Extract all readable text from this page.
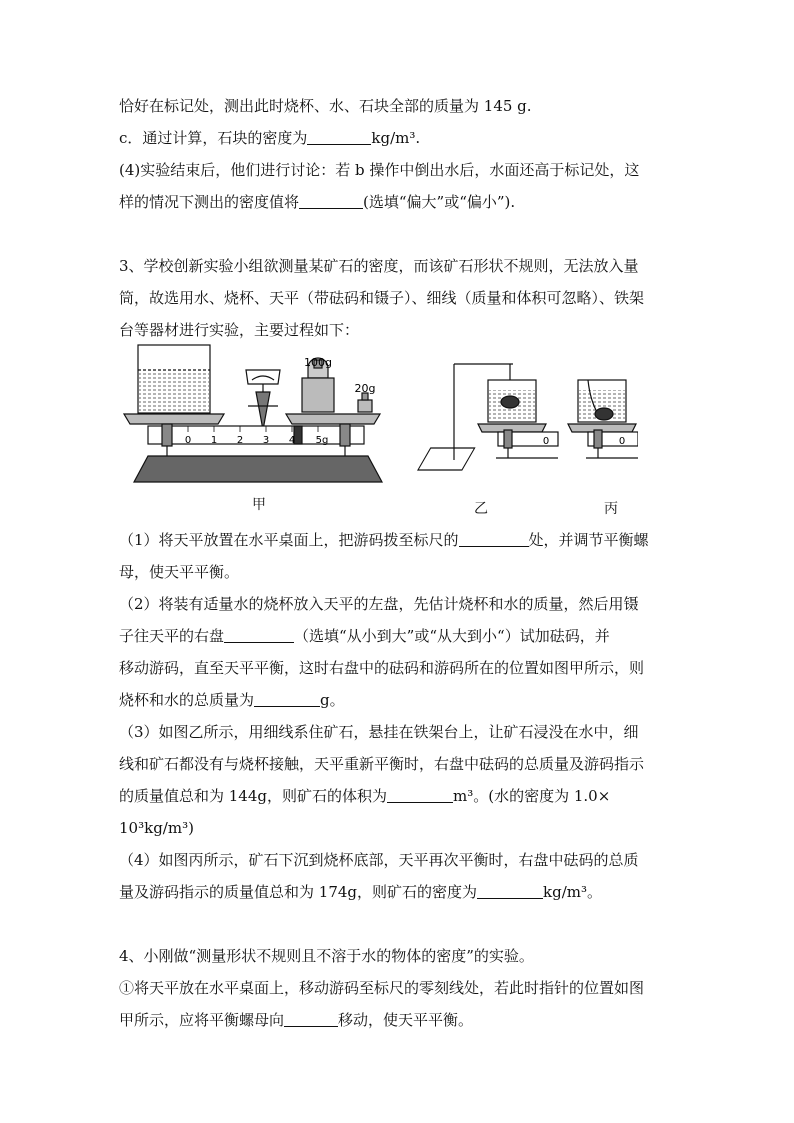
恰好在标记处，测出此时烧杯、水、石块全部的质量为 145 g.
c．通过计算，石块的密度为	kg/m³.
(4)实验结束后，他们进行讨论：若 b 操作中倒出水后，水面还高于标记处，这
样的情况下测出的密度值将	(选填“偏大”或“偏小”).
3、学校创新实验小组欲测量某矿石的密度，而该矿石形状不规则，无法放入量
筒，故选用水、烧杯、天平（带砝码和镊子）、细线（质量和体积可忽略）、铁架
台等器材进行实验，主要过程如下：
0 1 2 3 4 5g
100g
20g
0	0
甲	乙	丙
（1）将天平放置在水平桌面上，把游码拨至标尺的	处，并调节平衡螺
母，使天平平衡。
（2）将装有适量水的烧杯放入天平的左盘，先估计烧杯和水的质量，然后用镊
子往天平的右盘	（选填“从小到大”或“从大到小“）试加砝码，并
移动游码，直至天平平衡，这时右盘中的砝码和游码所在的位置如图甲所示，则
烧杯和水的总质量为	g。
（3）如图乙所示，用细线系住矿石，悬挂在铁架台上，让矿石浸没在水中，细
线和矿石都没有与烧杯接触，天平重新平衡时，右盘中砝码的总质量及游码指示
的质量值总和为 144g，则矿石的体积为	m³。(水的密度为 1.0×
10³kg/m³)
（4）如图丙所示，矿石下沉到烧杯底部，天平再次平衡时，右盘中砝码的总质
量及游码指示的质量值总和为 174g，则矿石的密度为	kg/m³。
4、小刚做“测量形状不规则且不溶于水的物体的密度”的实验。
①将天平放在水平桌面上，移动游码至标尺的零刻线处，若此时指针的位置如图
甲所示，应将平衡螺母向	移动，使天平平衡。
